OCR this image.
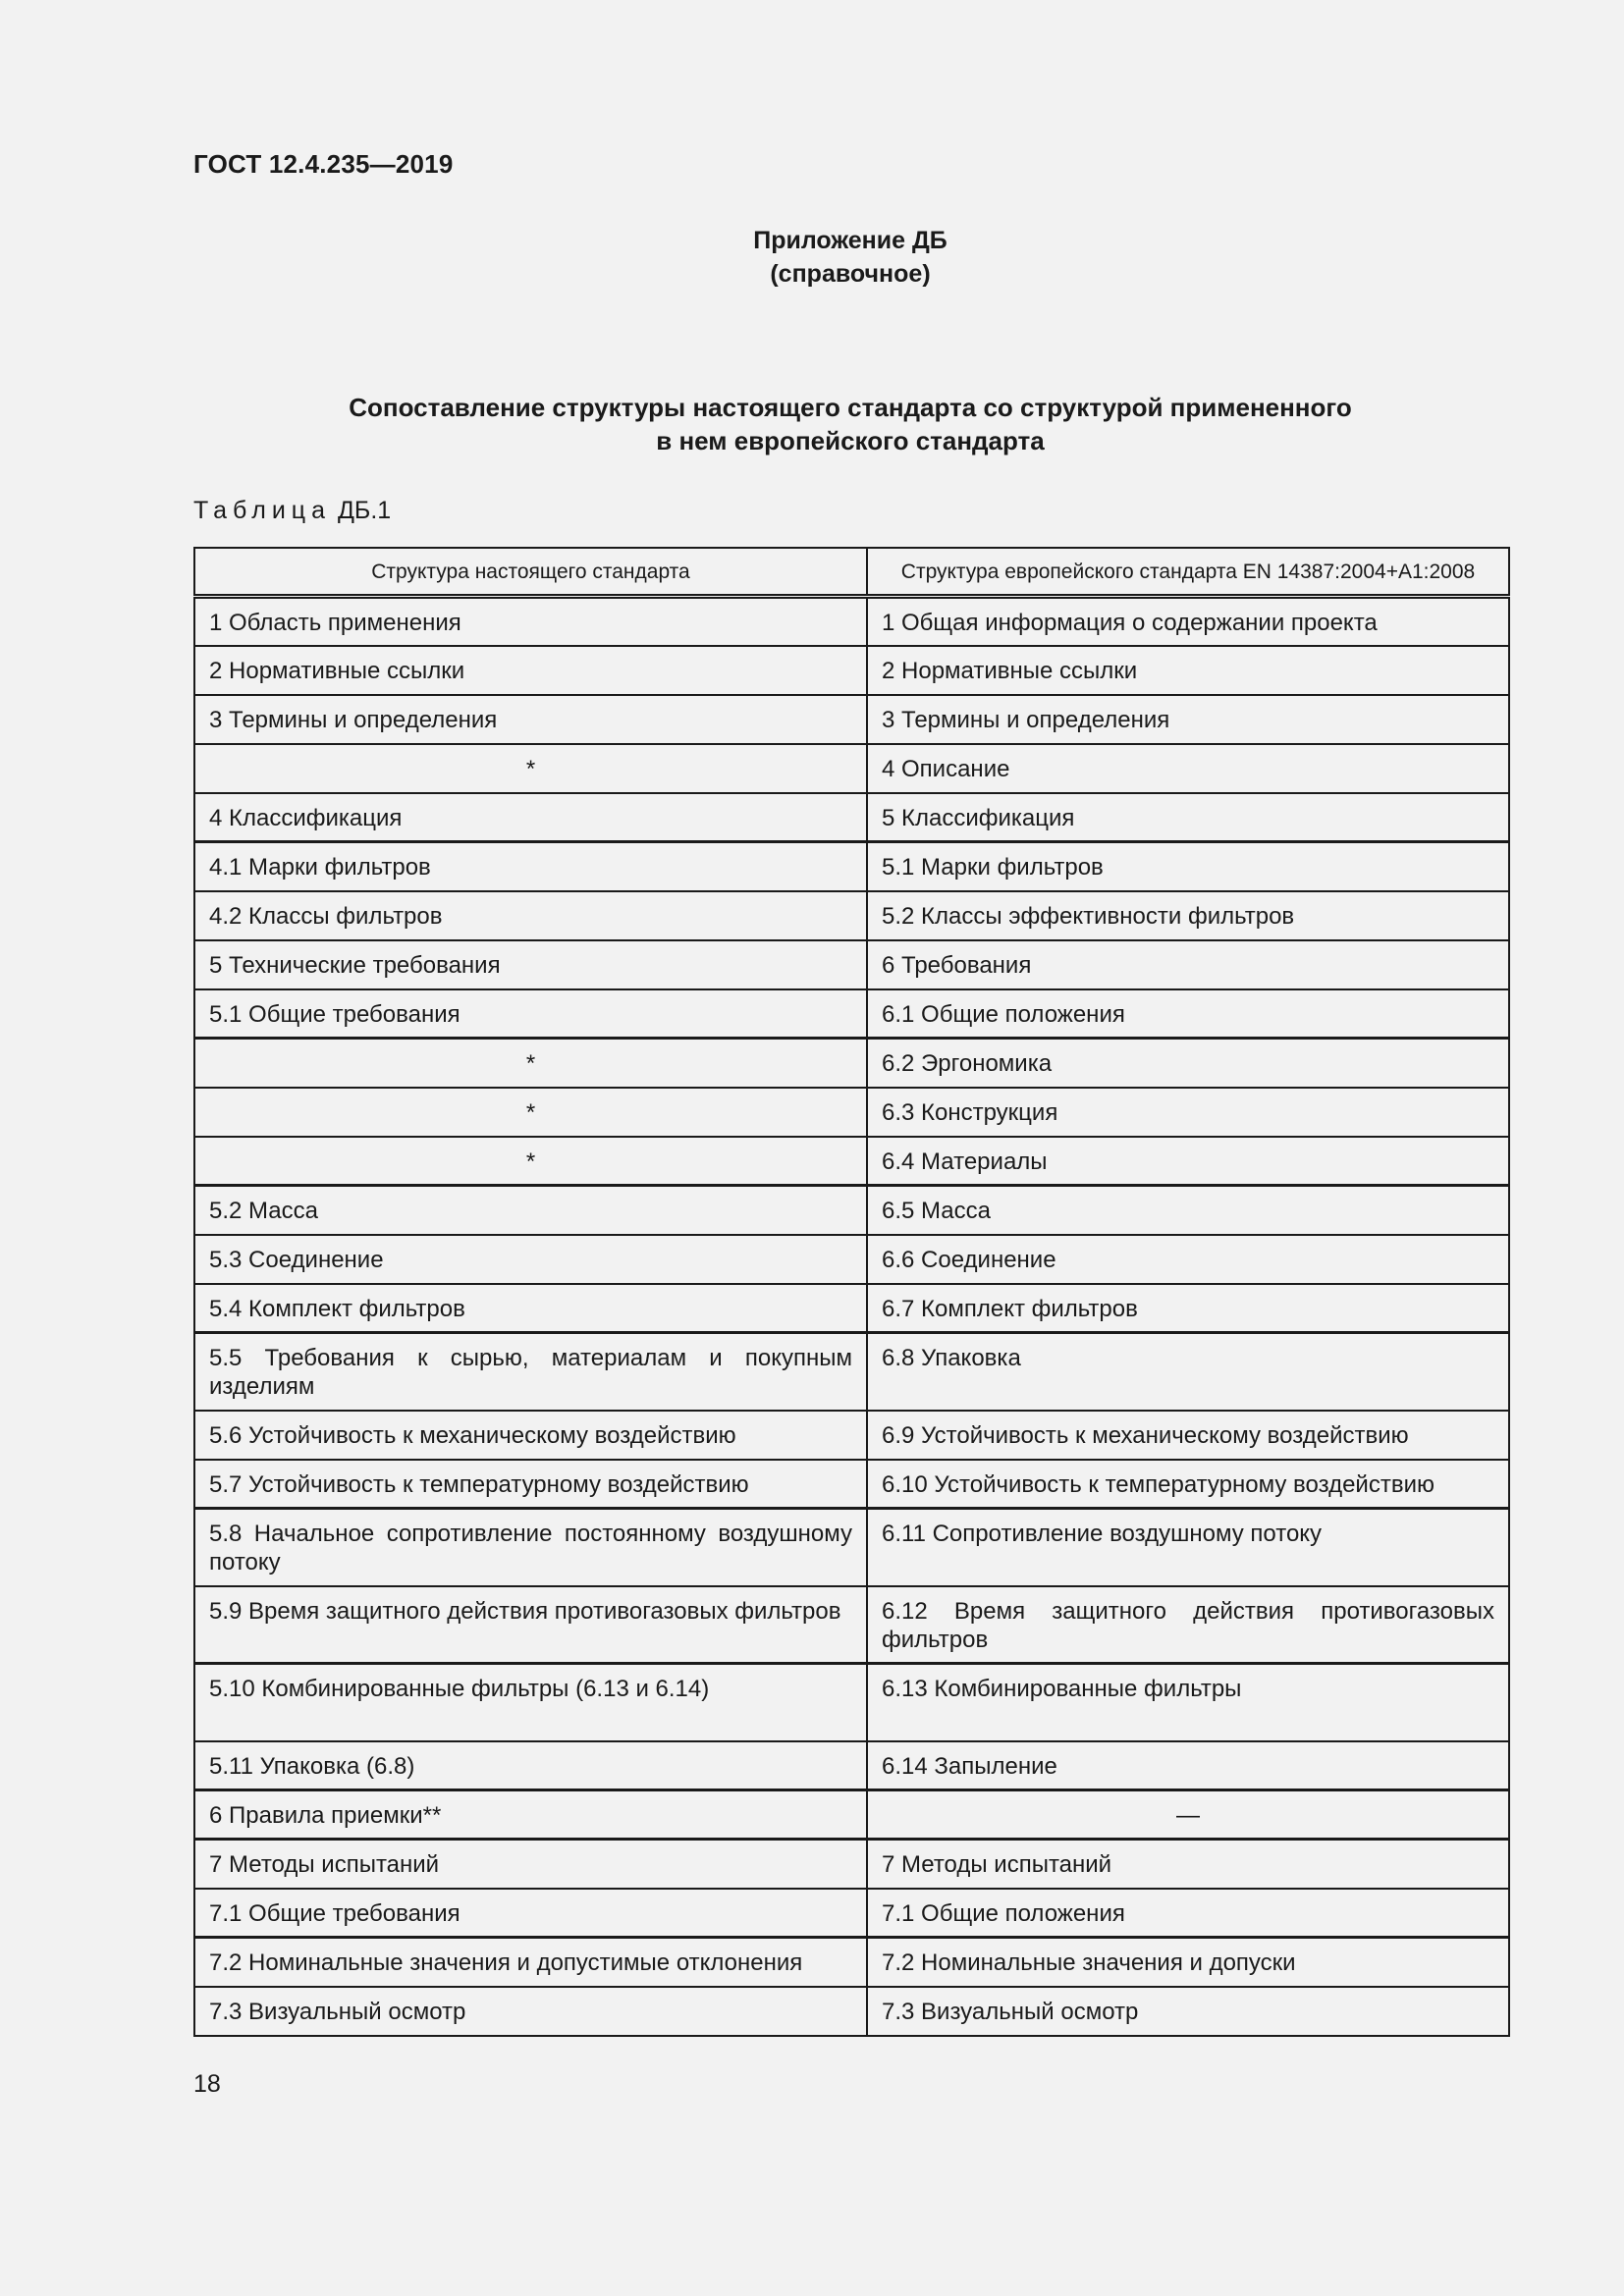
ГОСТ 12.4.235—2019
Приложение ДБ
(справочное)
Сопоставление структуры настоящего стандарта со структурой примененного
в нем европейского стандарта
Таблица ДБ.1
Структура настоящего стандарта	Структура европейского стандарта EN 14387:2004+A1:2008
1 Область применения	1 Общая информация о содержании проекта
2 Нормативные ссылки	2 Нормативные ссылки
3 Термины и определения	3 Термины и определения
*	4 Описание
4 Классификация	5 Классификация
4.1 Марки фильтров	5.1 Марки фильтров
4.2 Классы фильтров	5.2 Классы эффективности фильтров
5 Технические требования	6 Требования
5.1 Общие требования	6.1 Общие положения
*	6.2 Эргономика
*	6.3 Конструкция
*	6.4 Материалы
5.2 Масса	6.5 Масса
5.3 Соединение	6.6 Соединение
5.4 Комплект фильтров	6.7 Комплект фильтров
5.5 Требования к сырью, материалам и покупным изделиям	6.8 Упаковка
5.6 Устойчивость к механическому воздействию	6.9 Устойчивость к механическому воздействию
5.7 Устойчивость к температурному воздействию	6.10 Устойчивость к температурному воздействию
5.8 Начальное сопротивление постоянному воздушному потоку	6.11 Сопротивление воздушному потоку
5.9 Время защитного действия противогазовых фильтров	6.12 Время защитного действия противогазовых фильтров
5.10 Комбинированные фильтры (6.13 и 6.14)	6.13 Комбинированные фильтры
5.11 Упаковка (6.8)	6.14 Запыление
6 Правила приемки**	—
7 Методы испытаний	7 Методы испытаний
7.1 Общие требования	7.1 Общие положения
7.2 Номинальные значения и допустимые отклонения	7.2 Номинальные значения и допуски
7.3 Визуальный осмотр	7.3 Визуальный осмотр
18
